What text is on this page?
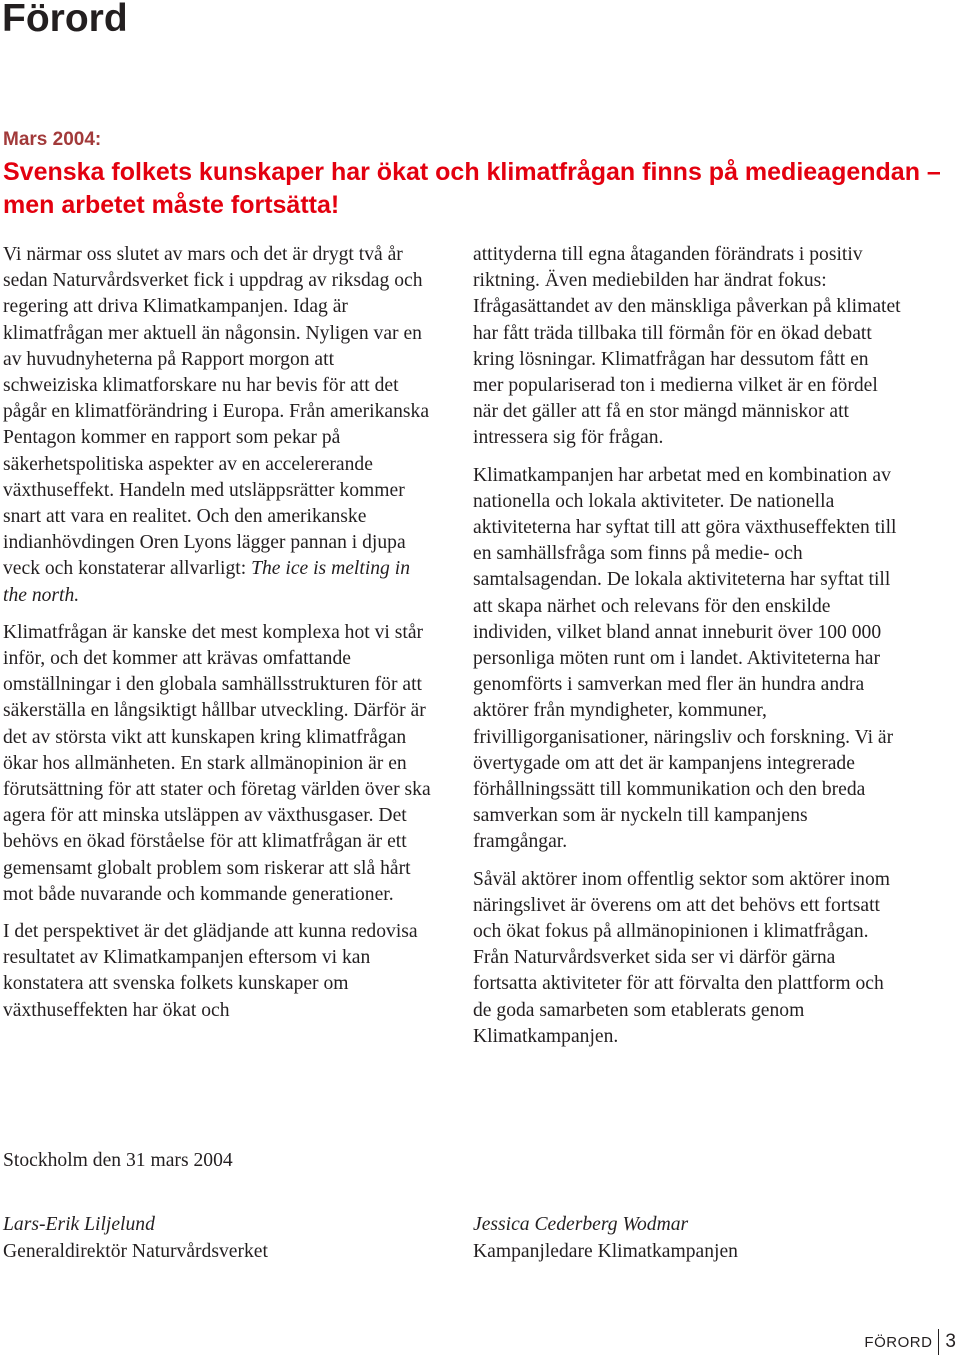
Förord
Mars 2004:
Svenska folkets kunskaper har ökat och klimatfrågan finns på medieagendan – men arbetet måste fortsätta!

Vi närmar oss slutet av mars och det är drygt två år sedan Naturvårdsverket fick i uppdrag av riksdag och regering att driva Klimatkampanjen. Idag är klimatfrågan mer aktuell än någonsin. Nyligen var en av huvudnyheterna på Rapport morgon att schweiziska klimatforskare nu har bevis för att det pågår en klimatförändring i Europa. Från amerikanska Pentagon kommer en rapport som pekar på säkerhetspolitiska aspekter av en accelererande växthuseffekt. Handeln med utsläppsrätter kommer snart att vara en realitet. Och den amerikanske indianhövdingen Oren Lyons lägger pannan i djupa veck och konstaterar allvarligt: The ice is melting in the north.

Klimatfrågan är kanske det mest komplexa hot vi står inför, och det kommer att krävas omfattande omställningar i den globala samhällsstrukturen för att säkerställa en långsiktigt hållbar utveckling. Därför är det av största vikt att kunskapen kring klimatfrågan ökar hos allmänheten. En stark allmänopinion är en förutsättning för att stater och företag världen över ska agera för att minska utsläppen av växthusgaser. Det behövs en ökad förståelse för att klimatfrågan är ett gemensamt globalt problem som riskerar att slå hårt mot både nuvarande och kommande generationer.

I det perspektivet är det glädjande att kunna redovisa resultatet av Klimatkampanjen eftersom vi kan konstatera att svenska folkets kunskaper om växthuseffekten har ökat och

attityderna till egna åtaganden förändrats i positiv riktning. Även mediebilden har ändrat fokus: Ifrågasättandet av den mänskliga påverkan på klimatet har fått träda tillbaka till förmån för en ökad debatt kring lösningar. Klimatfrågan har dessutom fått en mer populariserad ton i medierna vilket är en fördel när det gäller att få en stor mängd människor att intressera sig för frågan.

Klimatkampanjen har arbetat med en kombination av nationella och lokala aktiviteter. De nationella aktiviteterna har syftat till att göra växthuseffekten till en samhällsfråga som finns på medie- och samtalsagendan. De lokala aktiviteterna har syftat till att skapa närhet och relevans för den enskilde individen, vilket bland annat inneburit över 100 000 personliga möten runt om i landet. Aktiviteterna har genomförts i samverkan med fler än hundra andra aktörer från myndigheter, kommuner, frivilligorganisationer, näringsliv och forskning. Vi är övertygade om att det är kampanjens integrerade förhållningssätt till kommunikation och den breda samverkan som är nyckeln till kampanjens framgångar.

Såväl aktörer inom offentlig sektor som aktörer inom näringslivet är överens om att det behövs ett fortsatt och ökat fokus på allmänopinionen i klimatfrågan. Från Naturvårdsverket sida ser vi därför gärna fortsatta aktiviteter för att förvalta den plattform och de goda samarbeten som etablerats genom Klimatkampanjen.

Stockholm den 31 mars 2004
Lars-Erik Liljelund
Generaldirektör Naturvårdsverket
Jessica Cederberg Wodmar
Kampanjledare Klimatkampanjen
FÖRORD 3
